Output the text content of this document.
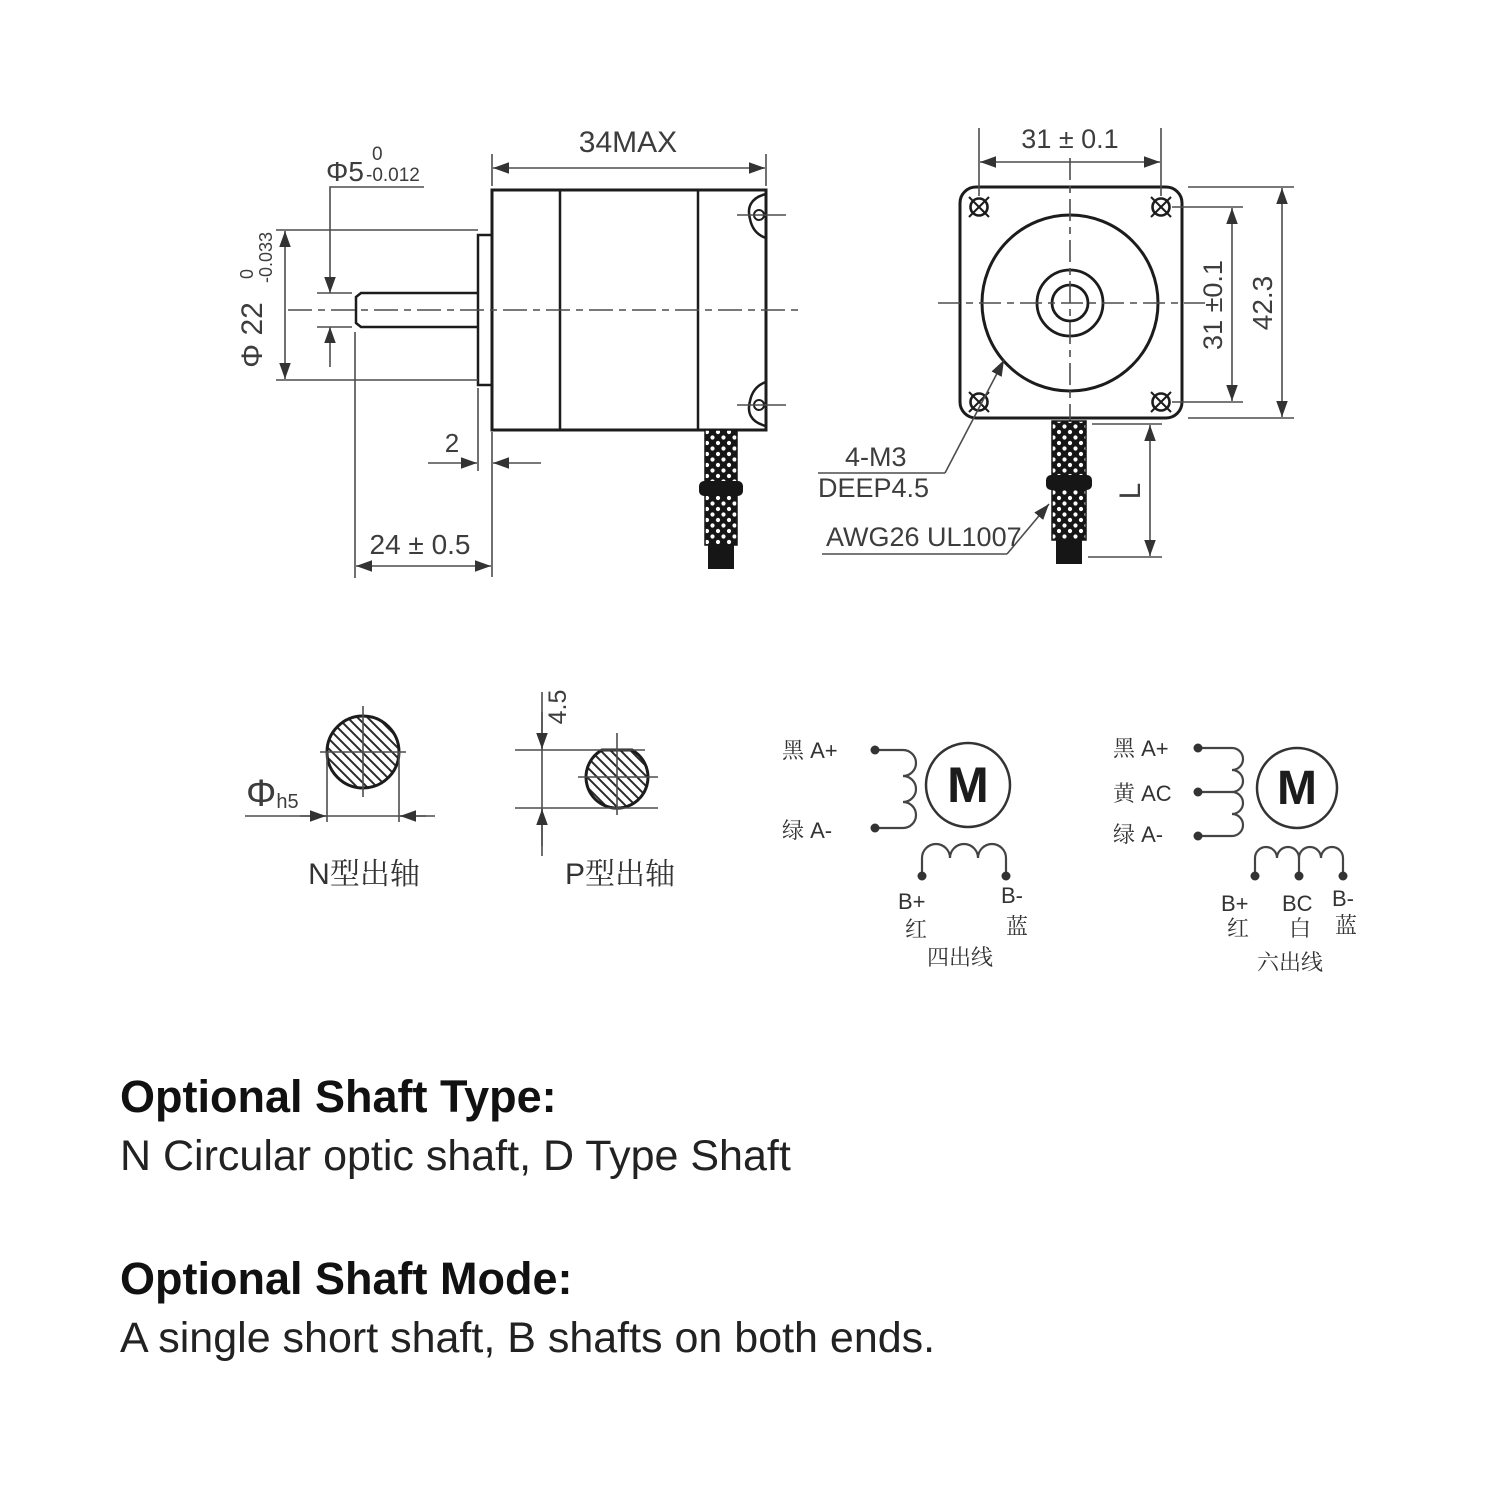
34MAX
Φ5
0
-0.012
Φ 22
0 -0.033
2
24 ± 0.5
31 ± 0.1
31 ±0.1 42.3
4-M3
DEEP4.5
AWG26 UL1007
L
Φh5
N型出轴
4.5
P型出轴
M
黑 A+
绿 A-
B+	B-
红	蓝
四出线
M
黑 A+
黄 AC
绿 A-
B+ BC B-
红 白 蓝
六出线
Optional Shaft Type:
N Circular optic shaft, D Type Shaft
Optional Shaft Mode:
A single short shaft, B shafts on both ends.
